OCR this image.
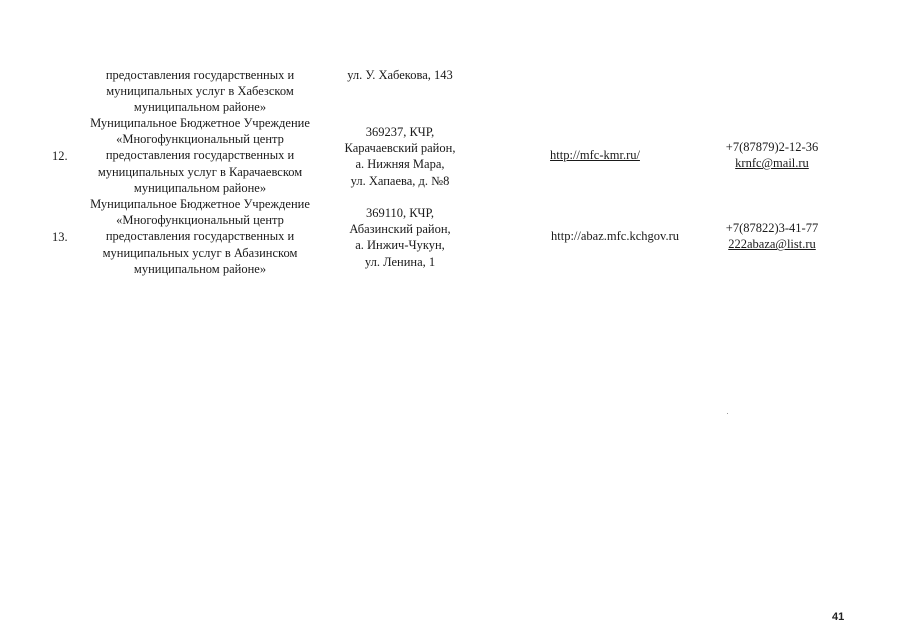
предоставления государственных и
муниципальных услуг в Хабезском
муниципальном районе»
ул. У. Хабекова, 143
12.
Муниципальное Бюджетное Учреждение
«Многофункциональный центр
предоставления государственных и
муниципальных услуг в Карачаевском
муниципальном районе»
369237, КЧР,
Карачаевский район,
а. Нижняя Мара,
ул. Хапаева, д. №8
http://mfc-kmr.ru/
+7(87879)2-12-36
krnfc@mail.ru
13.
Муниципальное Бюджетное Учреждение
«Многофункциональный центр
предоставления государственных и
муниципальных услуг в Абазинском
муниципальном районе»
369110, КЧР,
Абазинский район,
а. Инжич-Чукун,
ул. Ленина, 1
http://abaz.mfc.kchgov.ru
+7(87822)3-41-77
222abaza@list.ru
41
